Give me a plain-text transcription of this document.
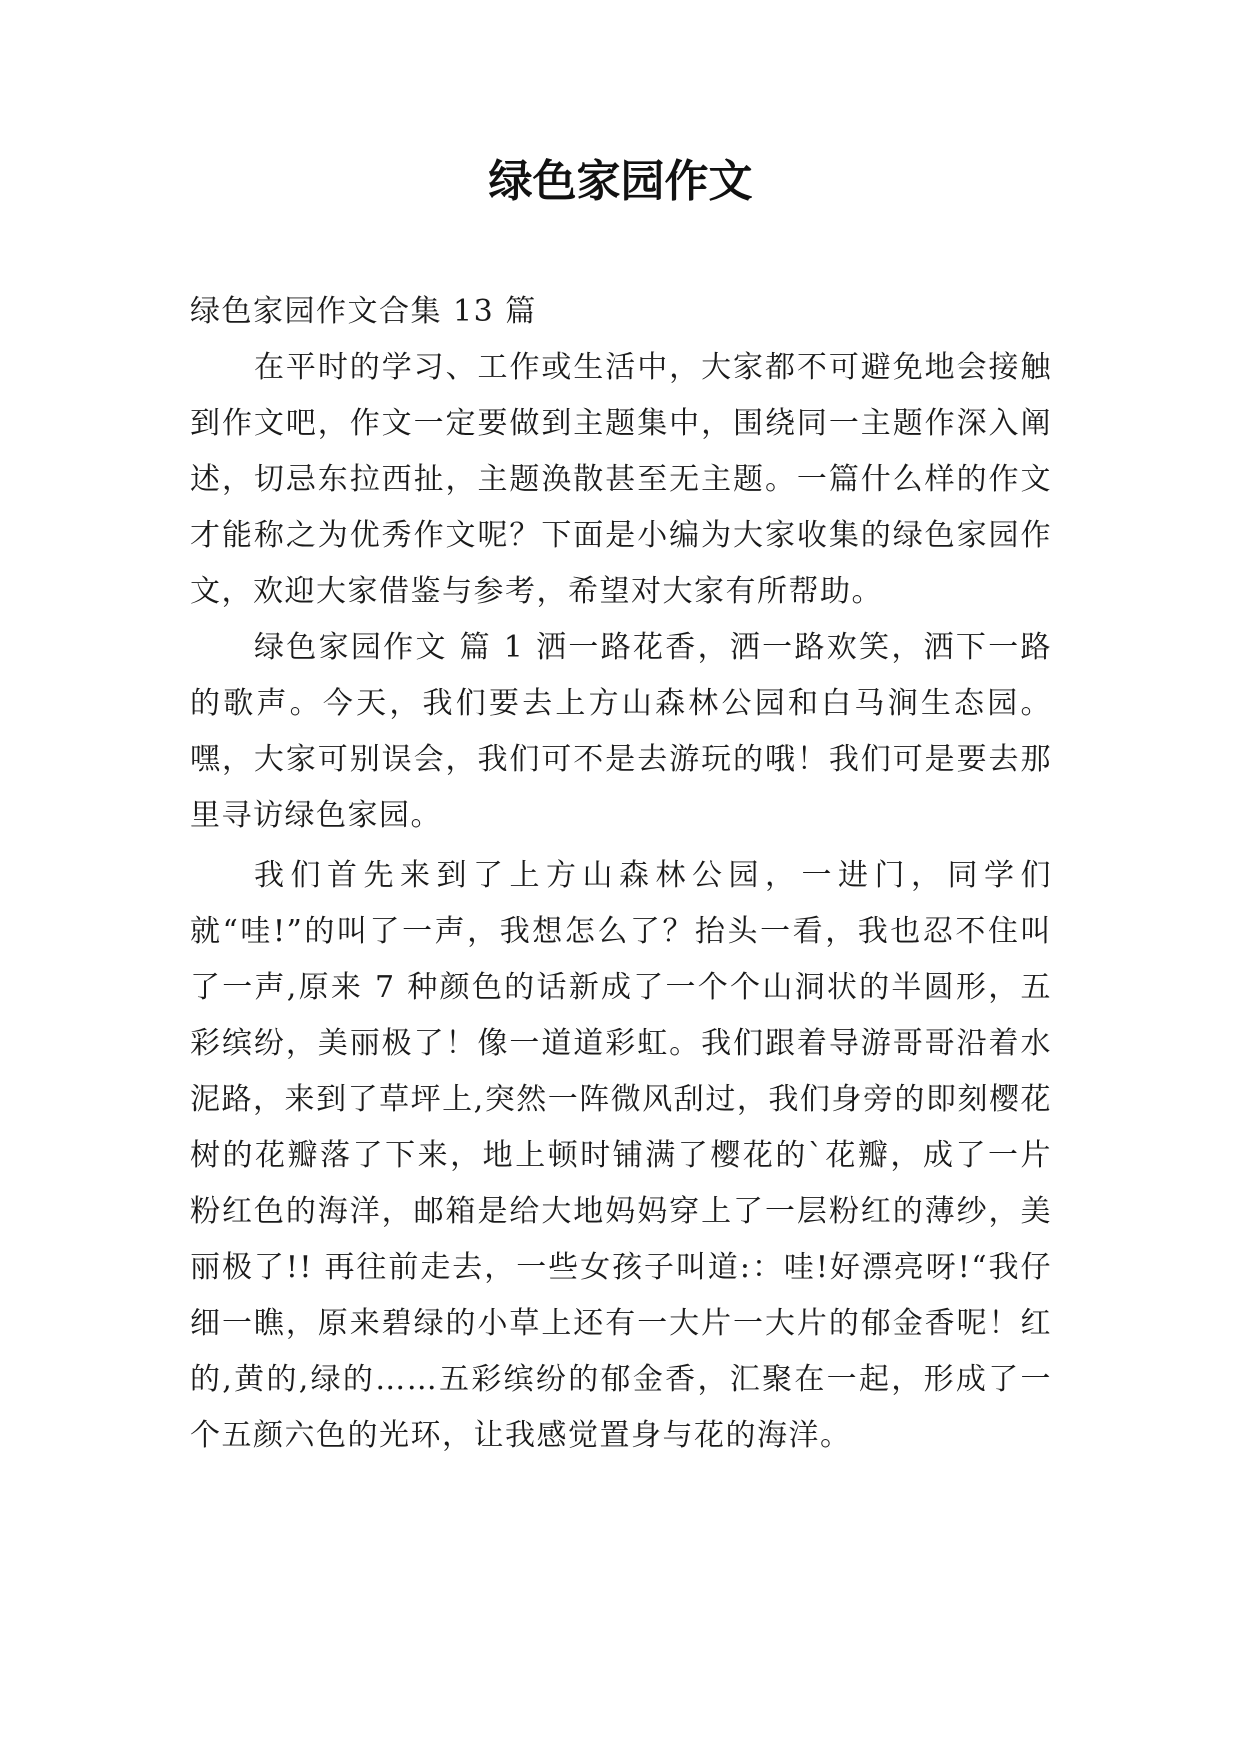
绿色家园作文

绿色家园作文合集 13 篇

在平时的学习、工作或生活中，大家都不可避免地会接触到作文吧，作文一定要做到主题集中，围绕同一主题作深入阐述，切忌东拉西扯，主题涣散甚至无主题。一篇什么样的作文才能称之为优秀作文呢？下面是小编为大家收集的绿色家园作文，欢迎大家借鉴与参考，希望对大家有所帮助。

绿色家园作文 篇 1 洒一路花香，洒一路欢笑，洒下一路的歌声。今天，我们要去上方山森林公园和白马涧生态园。嘿，大家可别误会，我们可不是去游玩的哦！我们可是要去那里寻访绿色家园。

我们首先来到了上方山森林公园，一进门，同学们就“哇!”的叫了一声，我想怎么了？抬头一看，我也忍不住叫了一声,原来 7 种颜色的话新成了一个个山洞状的半圆形，五彩缤纷，美丽极了！像一道道彩虹。我们跟着导游哥哥沿着水泥路，来到了草坪上,突然一阵微风刮过，我们身旁的即刻樱花树的花瓣落了下来，地上顿时铺满了樱花的`花瓣，成了一片粉红色的海洋，邮箱是给大地妈妈穿上了一层粉红的薄纱，美丽极了!! 再往前走去，一些女孩子叫道:：哇!好漂亮呀!“我仔细一瞧，原来碧绿的小草上还有一大片一大片的郁金香呢！红的,黄的,绿的……五彩缤纷的郁金香，汇聚在一起，形成了一个五颜六色的光环，让我感觉置身与花的海洋。
